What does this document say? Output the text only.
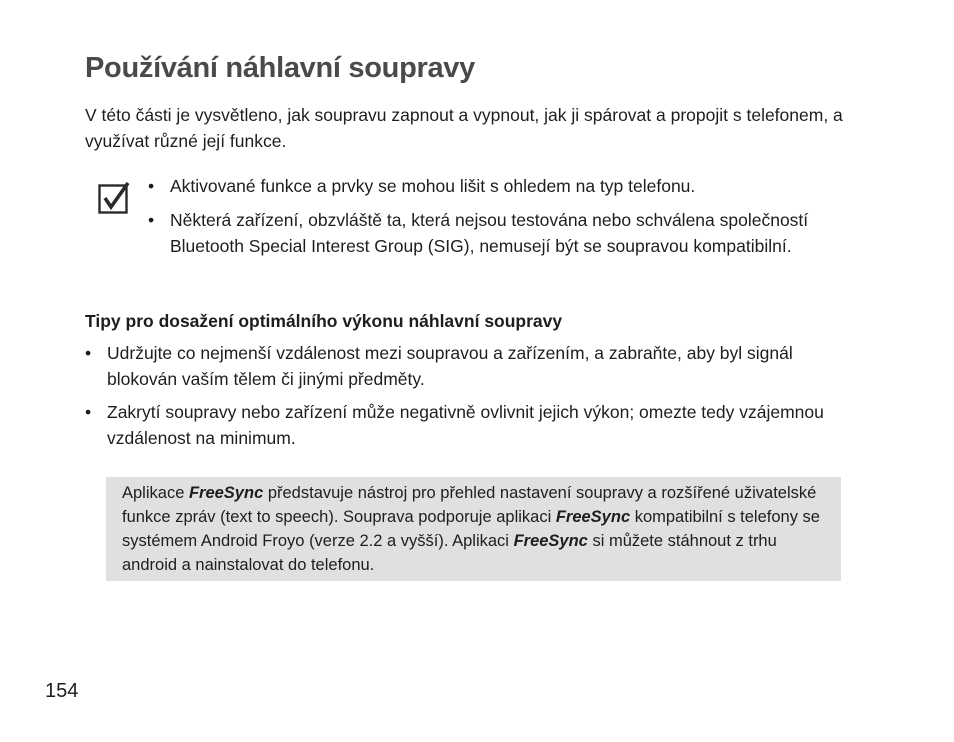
Používání náhlavní soupravy

V této části je vysvětleno, jak soupravu zapnout a vypnout, jak ji spárovat a propojit s telefonem, a využívat různé její funkce.

• Aktivované funkce a prvky se mohou lišit s ohledem na typ telefonu.
• Některá zařízení, obzvláště ta, která nejsou testována nebo schválena společností Bluetooth Special Interest Group (SIG), nemusejí být se soupravou kompatibilní.
Tipy pro dosažení optimálního výkonu náhlavní soupravy
• Udržujte co nejmenší vzdálenost mezi soupravou a zařízením, a zabraňte, aby byl signál blokován vaším tělem či jinými předměty.
• Zakrytí soupravy nebo zařízení může negativně ovlivnit jejich výkon; omezte tedy vzájemnou vzdálenost na minimum.

Aplikace FreeSync představuje nástroj pro přehled nastavení soupravy a rozšířené uživatelské funkce zpráv (text to speech). Souprava podporuje aplikaci FreeSync kompatibilní s telefony se systémem Android Froyo (verze 2.2 a vyšší). Aplikaci FreeSync si můžete stáhnout z trhu android a nainstalovat do telefonu.

154
